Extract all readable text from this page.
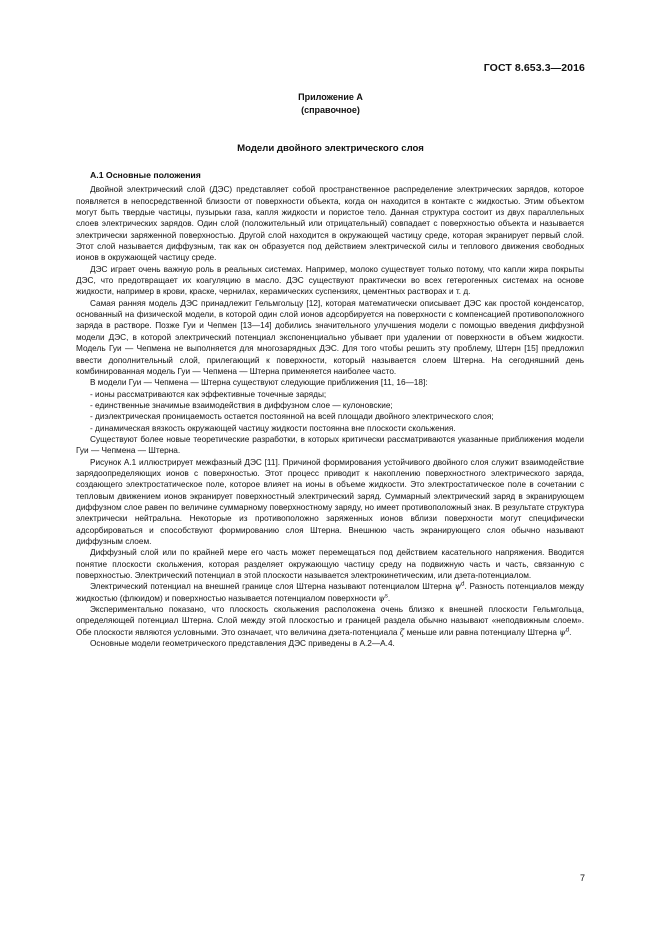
ГОСТ 8.653.3—2016
Приложение А
(справочное)
Модели двойного электрического слоя
А.1 Основные положения

Двойной электрический слой (ДЭС) представляет собой пространственное распределение электрических зарядов, которое появляется в непосредственной близости от поверхности объекта, когда он находится в контакте с жидкостью. Этим объектом могут быть твердые частицы, пузырьки газа, капля жидкости и пористое тело. Данная структура состоит из двух параллельных слоев электрических зарядов. Один слой (положительный или отрицательный) совпадает с поверхностью объекта и называется электрически заряженной поверхностью. Другой слой находится в окружающей частицу среде, которая экранирует первый слой. Этот слой называется диффузным, так как он образуется под действием электрической силы и теплового движения свободных ионов в окружающей частицу среде.

ДЭС играет очень важную роль в реальных системах. Например, молоко существует только потому, что капли жира покрыты ДЭС, что предотвращает их коагуляцию в масло. ДЭС существуют практически во всех гетерогенных системах на основе жидкости, например в крови, краске, чернилах, керамических суспензиях, цементных растворах и т. д.

Самая ранняя модель ДЭС принадлежит Гельмгольцу [12], которая математически описывает ДЭС как простой конденсатор, основанный на физической модели, в которой один слой ионов адсорбируется на поверхности с компенсацией противоположного заряда в растворе. Позже Гуи и Чепмен [13—14] добились значительного улучшения модели с помощью введения диффузной модели ДЭС, в которой электрический потенциал экспоненциально убывает при удалении от поверхности в объем жидкости. Модель Гуи — Чепмена не выполняется для многозарядных ДЭС. Для того чтобы решить эту проблему, Штерн [15] предложил ввести дополнительный слой, прилегающий к поверхности, который называется слоем Штерна. На сегодняшний день комбинированная модель Гуи — Чепмена — Штерна применяется наиболее часто.

В модели Гуи — Чепмена — Штерна существуют следующие приближения [11, 16—18]:

- ионы рассматриваются как эффективные точечные заряды;

- единственные значимые взаимодействия в диффузном слое — кулоновские;

- диэлектрическая проницаемость остается постоянной на всей площади двойного электрического слоя;

- динамическая вязкость окружающей частицу жидкости постоянна вне плоскости скольжения.

Существуют более новые теоретические разработки, в которых критически рассматриваются указанные приближения модели Гуи — Чепмена — Штерна.

Рисунок А.1 иллюстрирует межфазный ДЭС [11]. Причиной формирования устойчивого двойного слоя служит взаимодействие зарядоопределяющих ионов с поверхностью. Этот процесс приводит к накоплению поверхностного электрического заряда, создающего электростатическое поле, которое влияет на ионы в объеме жидкости. Это электростатическое поле в сочетании с тепловым движением ионов экранирует поверхностный электрический заряд. Суммарный электрический заряд в экранирующем диффузном слое равен по величине суммарному поверхностному заряду, но имеет противоположный знак. В результате структура электрически нейтральна. Некоторые из противоположно заряженных ионов вблизи поверхности могут специфически адсорбироваться и способствуют формированию слоя Штерна. Внешнюю часть экранирующего слоя обычно называют диффузным слоем.

Диффузный слой или по крайней мере его часть может перемещаться под действием касательного напряжения. Вводится понятие плоскости скольжения, которая разделяет окружающую частицу среду на подвижную часть и часть, связанную с поверхностью. Электрический потенциал в этой плоскости называется электрокинетическим, или дзета-потенциалом.

Электрический потенциал на внешней границе слоя Штерна называют потенциалом Штерна $\psi^d$. Разность потенциалов между жидкостью (флюидом) и поверхностью называется потенциалом поверхности $\psi^s$.

Экспериментально показано, что плоскость скольжения расположена очень близко к внешней плоскости Гельмгольца, определяющей потенциал Штерна. Слой между этой плоскостью и границей раздела обычно называют «неподвижным слоем». Обе плоскости являются условными. Это означает, что величина дзета-потенциала ζ меньше или равна потенциалу Штерна $\psi^d$.

Основные модели геометрического представления ДЭС приведены в А.2—А.4.

7
